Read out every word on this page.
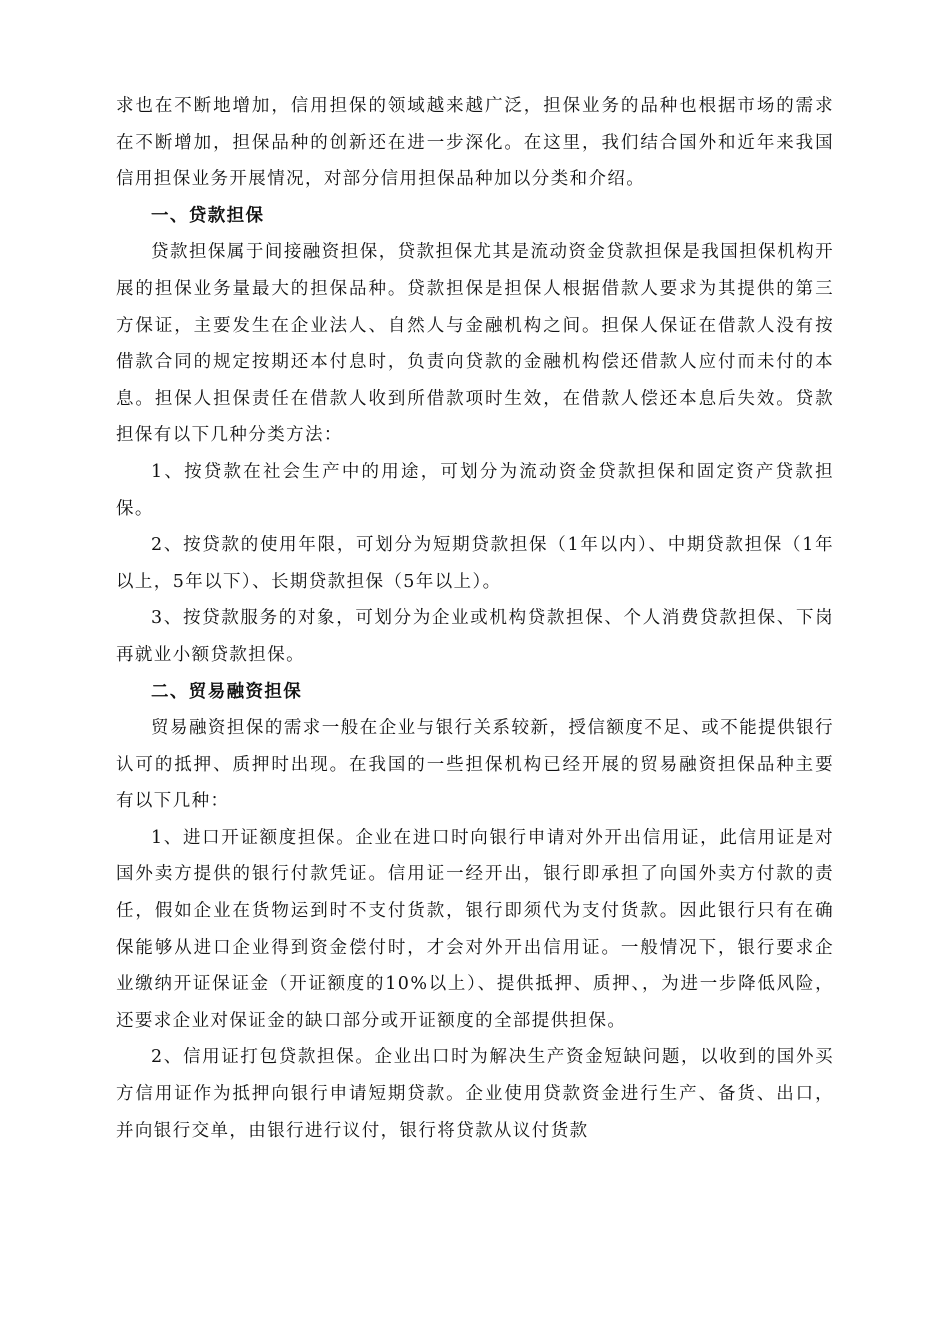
求也在不断地增加，信用担保的领域越来越广泛，担保业务的品种也根据市场的需求在不断增加，担保品种的创新还在进一步深化。在这里，我们结合国外和近年来我国信用担保业务开展情况，对部分信用担保品种加以分类和介绍。

一、贷款担保

贷款担保属于间接融资担保，贷款担保尤其是流动资金贷款担保是我国担保机构开展的担保业务量最大的担保品种。贷款担保是担保人根据借款人要求为其提供的第三方保证，主要发生在企业法人、自然人与金融机构之间。担保人保证在借款人没有按借款合同的规定按期还本付息时，负责向贷款的金融机构偿还借款人应付而未付的本息。担保人担保责任在借款人收到所借款项时生效，在借款人偿还本息后失效。贷款担保有以下几种分类方法：

1、按贷款在社会生产中的用途，可划分为流动资金贷款担保和固定资产贷款担保。

2、按贷款的使用年限，可划分为短期贷款担保（1年以内）、中期贷款担保（1年以上，5年以下）、长期贷款担保（5年以上）。

3、按贷款服务的对象，可划分为企业或机构贷款担保、个人消费贷款担保、下岗再就业小额贷款担保。

二、贸易融资担保

贸易融资担保的需求一般在企业与银行关系较新，授信额度不足、或不能提供银行认可的抵押、质押时出现。在我国的一些担保机构已经开展的贸易融资担保品种主要有以下几种：

1、进口开证额度担保。企业在进口时向银行申请对外开出信用证，此信用证是对国外卖方提供的银行付款凭证。信用证一经开出，银行即承担了向国外卖方付款的责任，假如企业在货物运到时不支付货款，银行即须代为支付货款。因此银行只有在确保能够从进口企业得到资金偿付时，才会对外开出信用证。一般情况下，银行要求企业缴纳开证保证金（开证额度的10%以上）、提供抵押、质押、，为进一步降低风险，还要求企业对保证金的缺口部分或开证额度的全部提供担保。

2、信用证打包贷款担保。企业出口时为解决生产资金短缺问题，以收到的国外买方信用证作为抵押向银行申请短期贷款。企业使用贷款资金进行生产、备货、出口，并向银行交单，由银行进行议付，银行将贷款从议付货款
